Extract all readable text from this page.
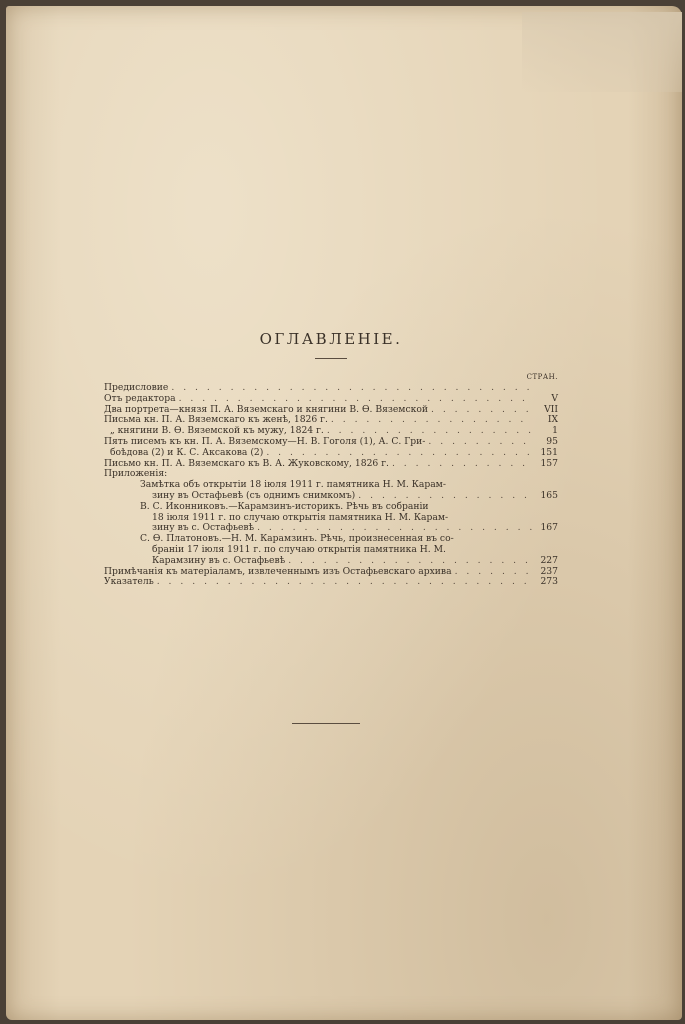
ОГЛАВЛЕНIЕ.
СТРАН.
Предисловие
. . .
Отъ редактора . . .	V
Два портрета—князя П. А. Вяземскаго и княгини В. Ѳ. Вяземской . . .	VII
Письма кн. П. А. Вяземскаго къ женѣ, 1826 г. . . .	IX
„ княгини В. Ѳ. Вяземской къ мужу, 1824 г. . . .	1
Пять писемъ къ кн. П. А. Вяземскому—Н. В. Гоголя (1), А. С. Гри- . . .	95
боѣдова (2) и К. С. Аксакова (2) . . .	151
Письмо кн. П. А. Вяземскаго къ В. А. Жуковскому, 1826 г. . . .	157
Приложенiя:
Замѣтка объ открытiи 18 iюля 1911 г. памятника Н. М. Карам-
зину въ Остафьевѣ (съ однимъ снимкомъ) . . .	165
В. С. Иконниковъ.—Карамзинъ-историкъ. Рѣчь въ собранiи
18 iюля 1911 г. по случаю открытiя памятника Н. М. Карам-
зину въ с. Остафьевѣ . . .	167
С. Ѳ. Платоновъ.—Н. М. Карамзинъ. Рѣчь, произнесенная въ со-
бранiи 17 iюля 1911 г. по случаю открытiя памятника Н. М.
Карамзину въ с. Остафьевѣ . . .	227
Примѣчанiя къ матерiаламъ, извлеченнымъ изъ Остафьевскаго архива . . .	237
Указатель . . .	273
